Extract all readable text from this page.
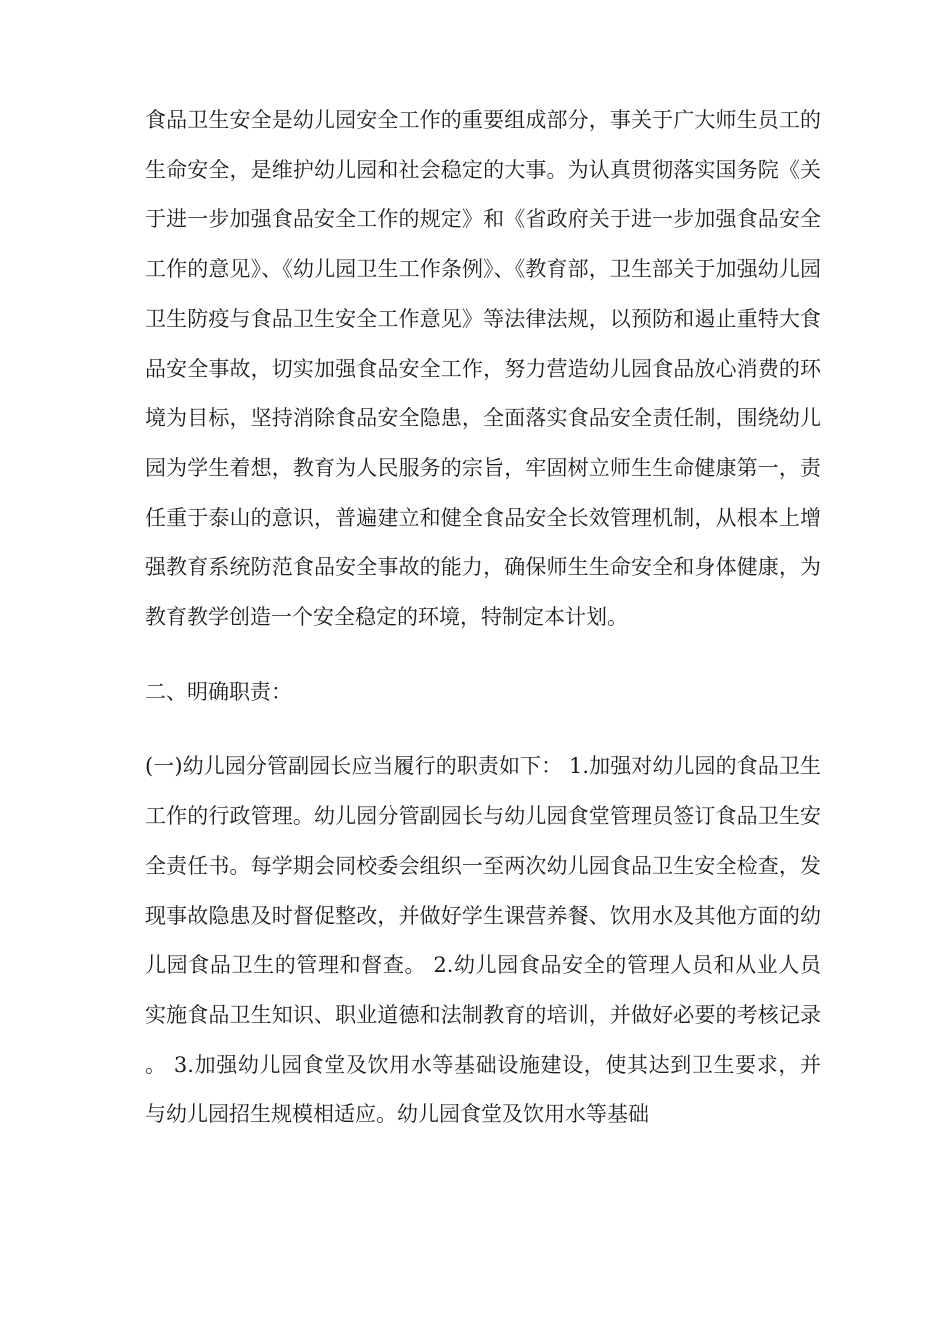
食品卫生安全是幼儿园安全工作的重要组成部分，事关于广大师生员工的生命安全，是维护幼儿园和社会稳定的大事。为认真贯彻落实国务院《关于进一步加强食品安全工作的规定》和《省政府关于进一步加强食品安全工作的意见》、《幼儿园卫生工作条例》、《教育部，卫生部关于加强幼儿园卫生防疫与食品卫生安全工作意见》等法律法规，以预防和遏止重特大食品安全事故，切实加强食品安全工作，努力营造幼儿园食品放心消费的环境为目标，坚持消除食品安全隐患，全面落实食品安全责任制，围绕幼儿园为学生着想，教育为人民服务的宗旨，牢固树立师生生命健康第一，责任重于泰山的意识，普遍建立和健全食品安全长效管理机制，从根本上增强教育系统防范食品安全事故的能力，确保师生生命安全和身体健康，为教育教学创造一个安全稳定的环境，特制定本计划。

二、明确职责：

(一)幼儿园分管副园长应当履行的职责如下： 1.加强对幼儿园的食品卫生工作的行政管理。幼儿园分管副园长与幼儿园食堂管理员签订食品卫生安全责任书。每学期会同校委会组织一至两次幼儿园食品卫生安全检查，发现事故隐患及时督促整改，并做好学生课营养餐、饮用水及其他方面的幼儿园食品卫生的管理和督查。 2.幼儿园食品安全的管理人员和从业人员实施食品卫生知识、职业道德和法制教育的培训，并做好必要的考核记录。 3.加强幼儿园食堂及饮用水等基础设施建设，使其达到卫生要求，并与幼儿园招生规模相适应。幼儿园食堂及饮用水等基础
